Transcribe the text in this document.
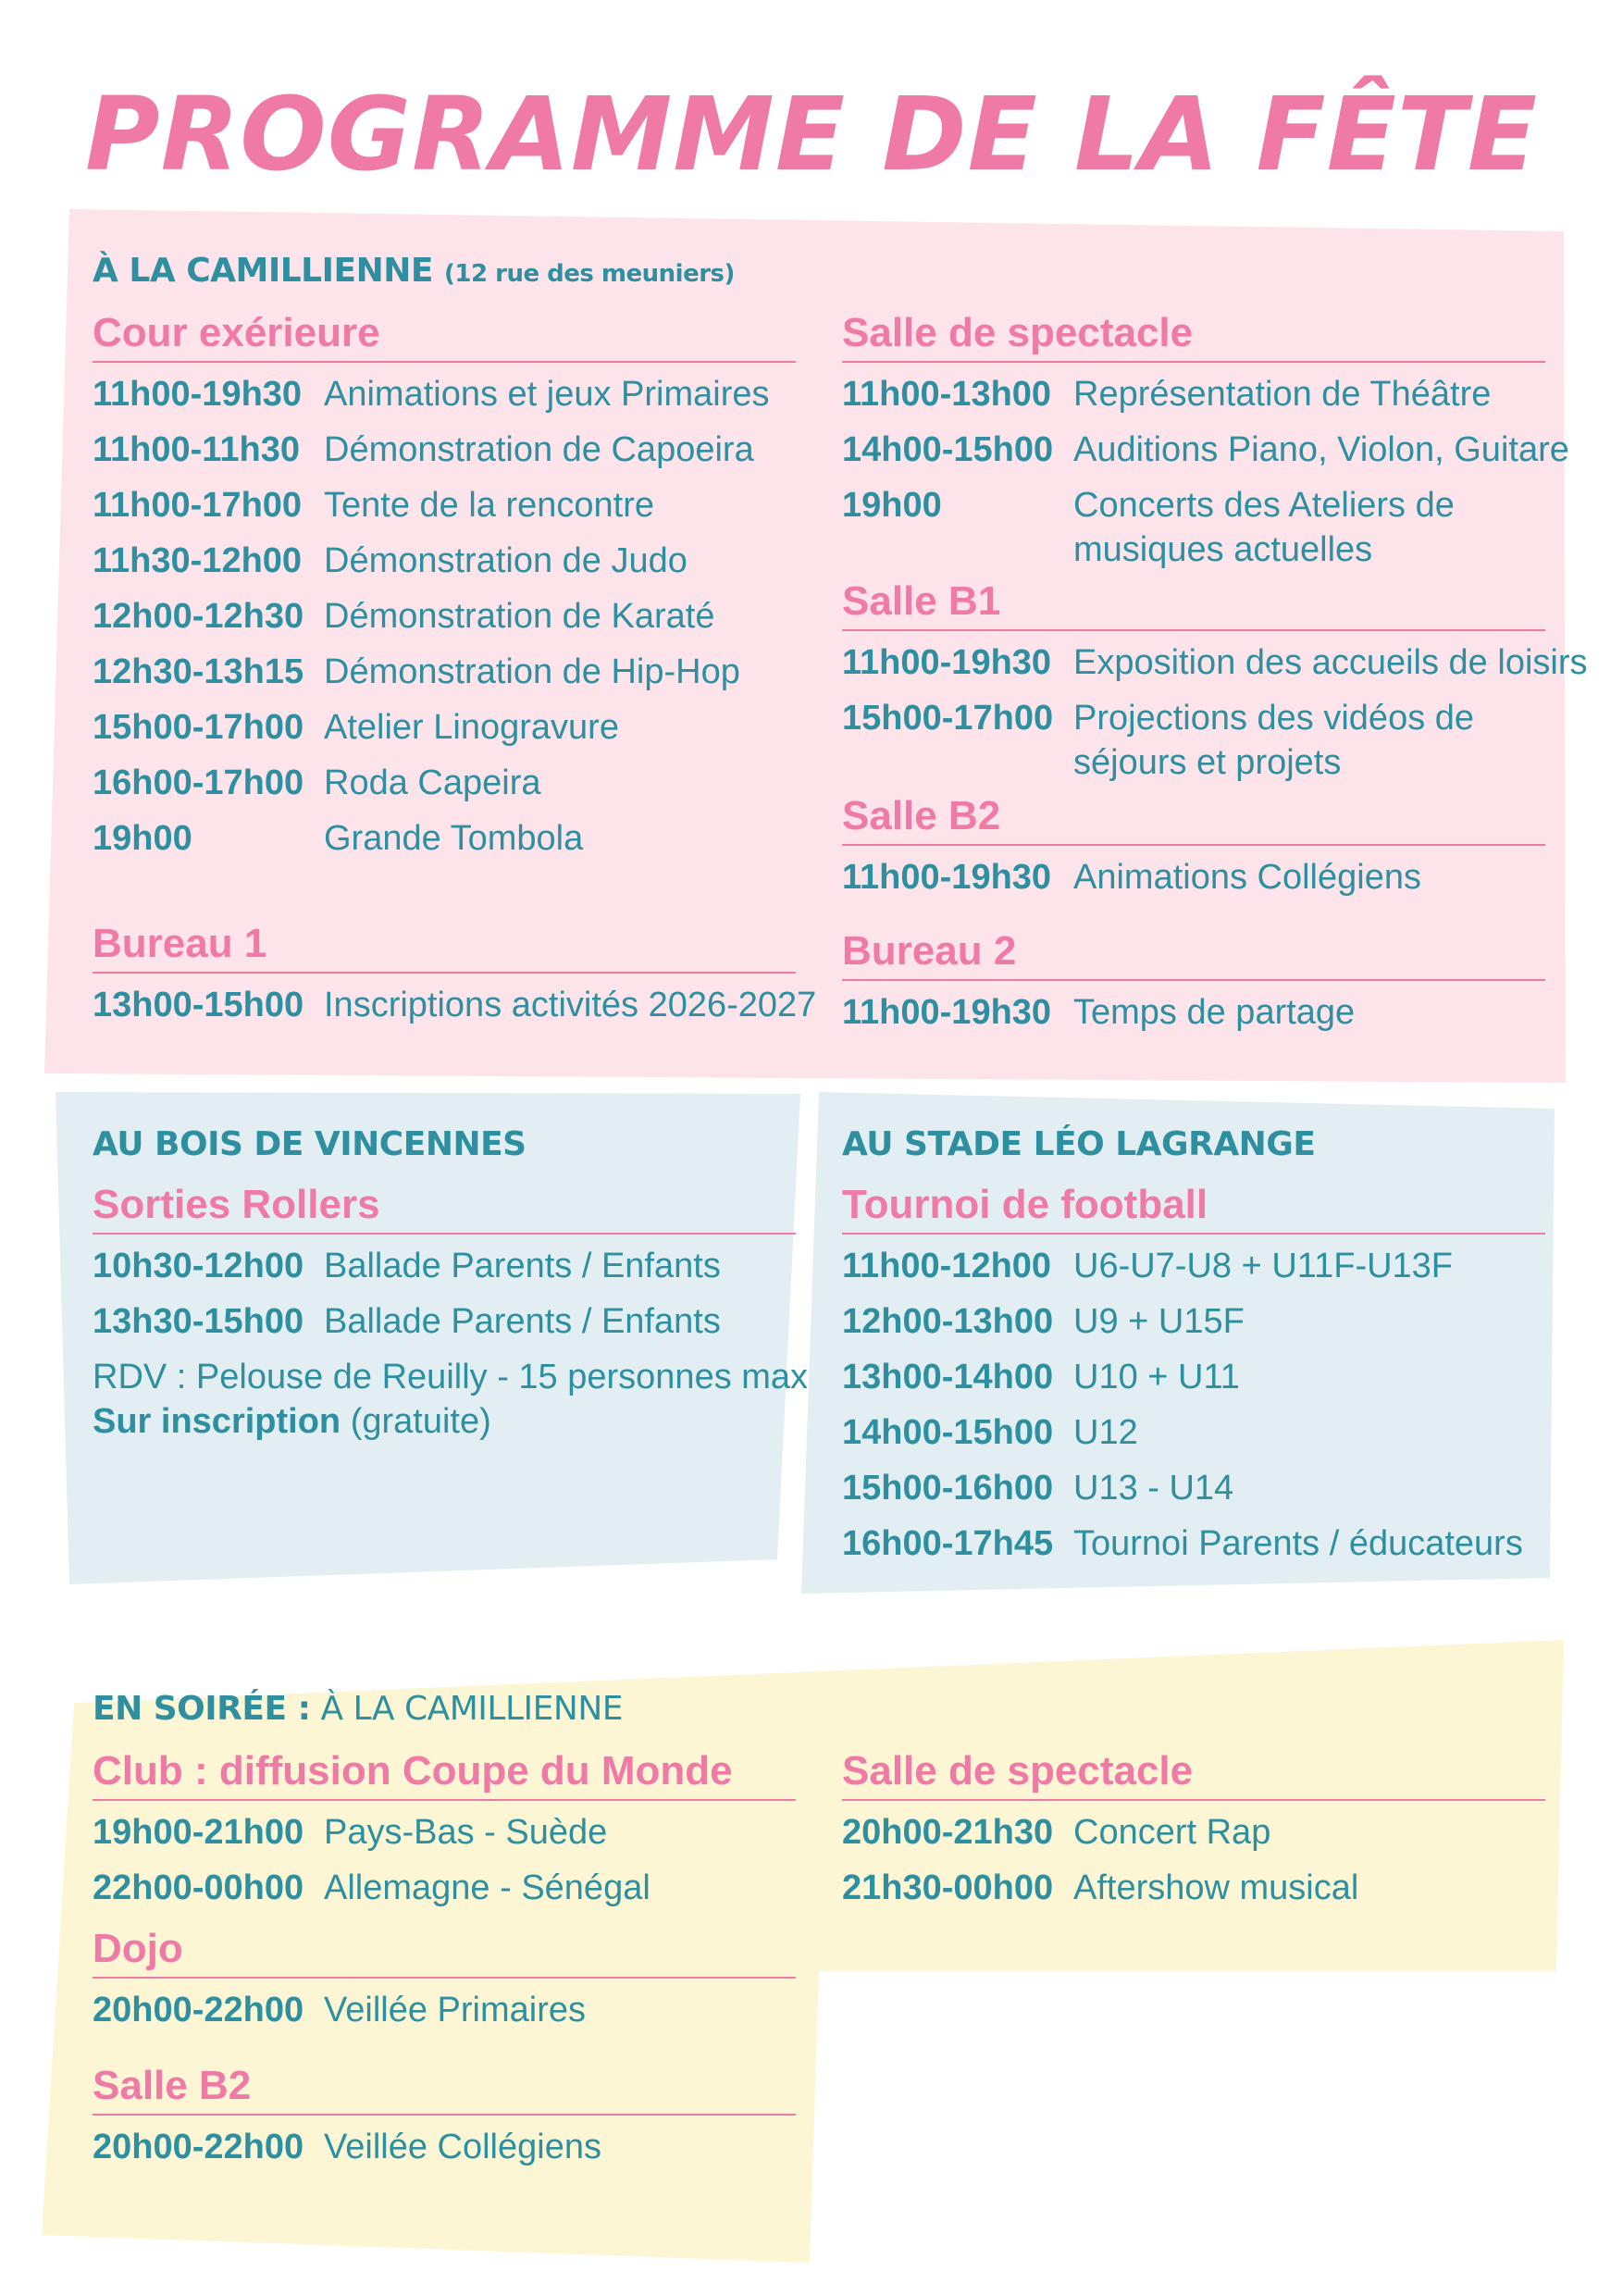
PROGRAMME DE LA FÊTE
À LA CAMILLIENNE (12 rue des meuniers)
Cour exérieure
11h00-19h30 Animations et jeux Primaires
11h00-11h30 Démonstration de Capoeira
11h00-17h00 Tente de la rencontre
11h30-12h00 Démonstration de Judo
12h00-12h30 Démonstration de Karaté
12h30-13h15 Démonstration de Hip-Hop
15h00-17h00 Atelier Linogravure
16h00-17h00 Roda Capeira
19h00	Grande Tombola
Bureau 1
13h00-15h00 Inscriptions activités 2026-2027
Salle de spectacle
11h00-13h00 Représentation de Théâtre
14h00-15h00 Auditions Piano, Violon, Guitare
19h00	Concerts des Ateliers de
musiques actuelles
Salle B1
11h00-19h30 Exposition des accueils de loisirs
15h00-17h00 Projections des vidéos de
séjours et projets
Salle B2
11h00-19h30 Animations Collégiens
Bureau 2
11h00-19h30 Temps de partage
AU BOIS DE VINCENNES
Sorties Rollers
10h30-12h00 Ballade Parents / Enfants
13h30-15h00 Ballade Parents / Enfants
RDV : Pelouse de Reuilly - 15 personnes max
Sur inscription (gratuite)
AU STADE LÉO LAGRANGE
Tournoi de football
11h00-12h00 U6-U7-U8 + U11F-U13F
12h00-13h00 U9 + U15F
13h00-14h00 U10 + U11
14h00-15h00 U12
15h00-16h00 U13 - U14
16h00-17h45 Tournoi Parents / éducateurs
EN SOIRÉE : À LA CAMILLIENNE
Club : diffusion Coupe du Monde
19h00-21h00 Pays-Bas - Suède
22h00-00h00 Allemagne - Sénégal
Dojo
20h00-22h00 Veillée Primaires
Salle B2
20h00-22h00 Veillée Collégiens
Salle de spectacle
20h00-21h30 Concert Rap
21h30-00h00 Aftershow musical
